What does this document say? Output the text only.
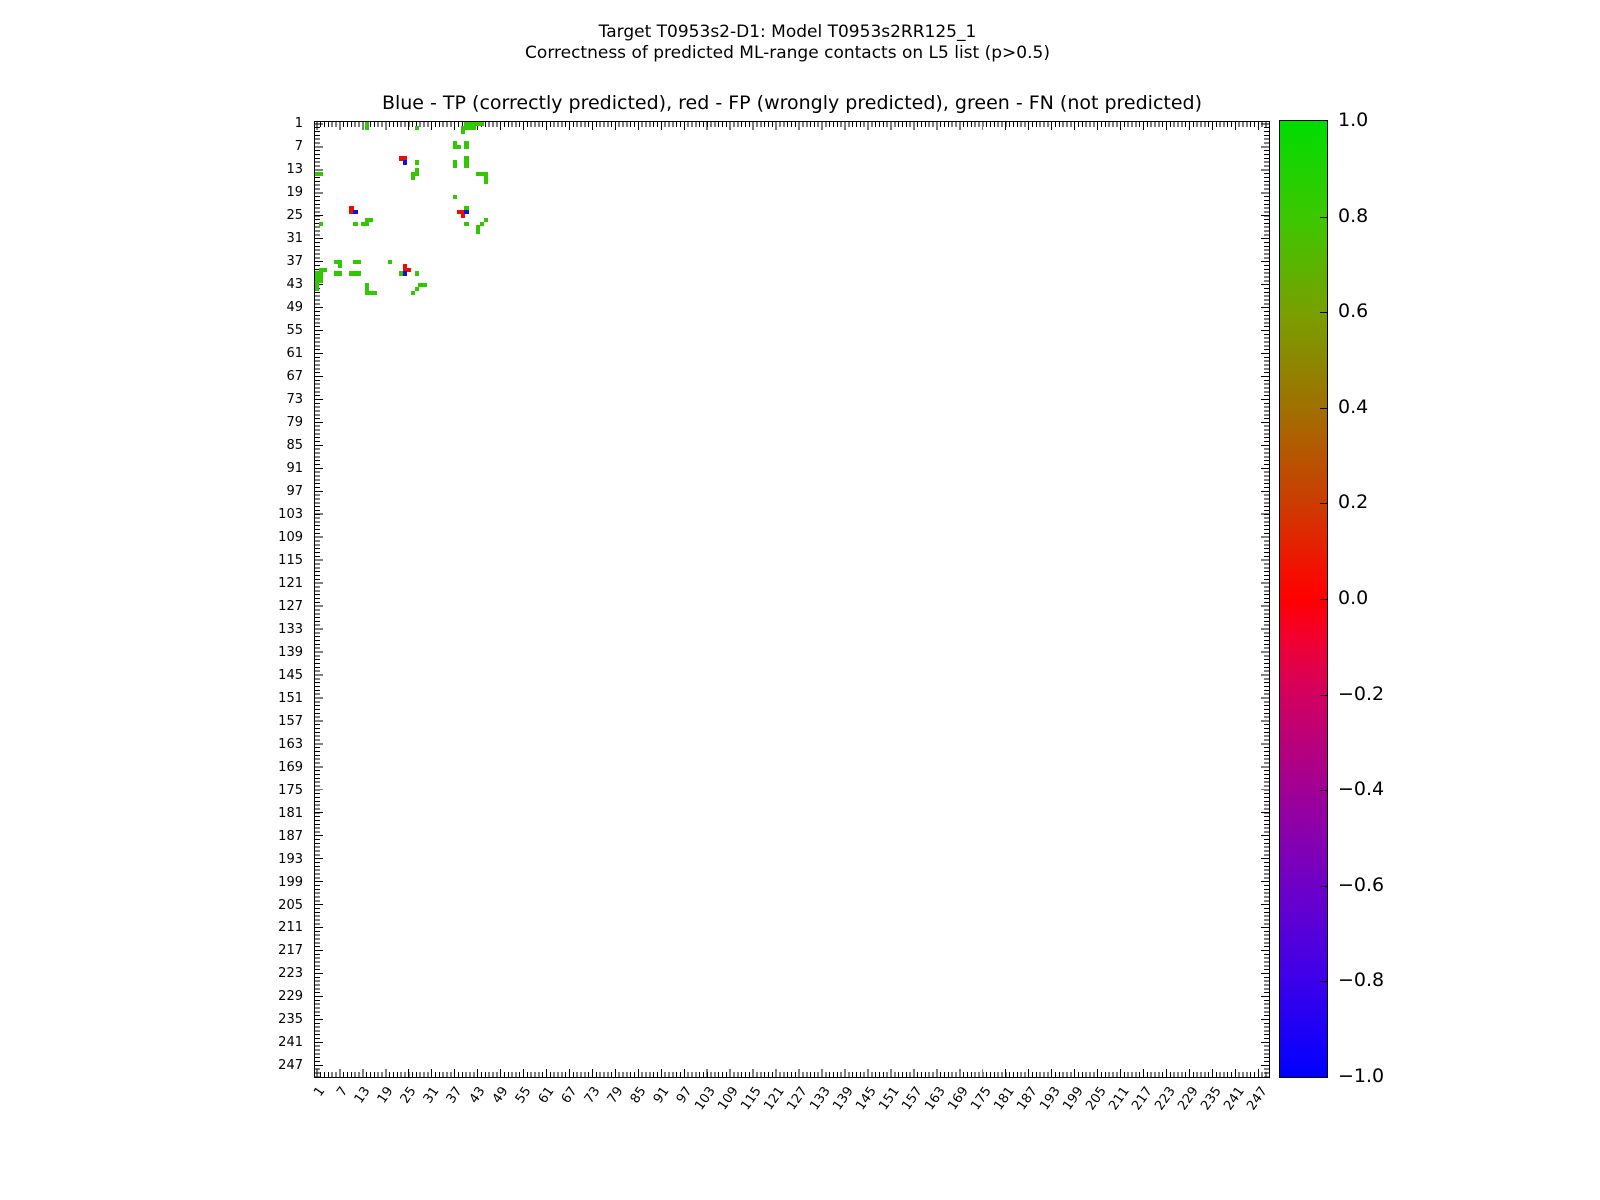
Target T0953s2-D1: Model T0953s2RR125_1
Correctness of predicted ML-range contacts on L5 list (p>0.5)
Blue - TP (correctly predicted), red - FP (wrongly predicted), green - FN (not predicted)
1
7
13
19
25
31
37
43
49
55
61
67
73
79
85
91
97
103
109
115
121
127
133
139
145
151
157
163
169
175
181
187
193
199
205
211
217
223
229
235
241
247
1 7 13 19 25 31 37 43 49 55 61 67 73 79 85 91 97
103
109
115
121
127
133
139
145
151
157
163
169
175
181
187
193
199
205
211
217
223
229
235
241
247
1.0
0.8
0.6
0.4
0.2
0.0
−0.2
−0.4
−0.6
−0.8
−1.0
